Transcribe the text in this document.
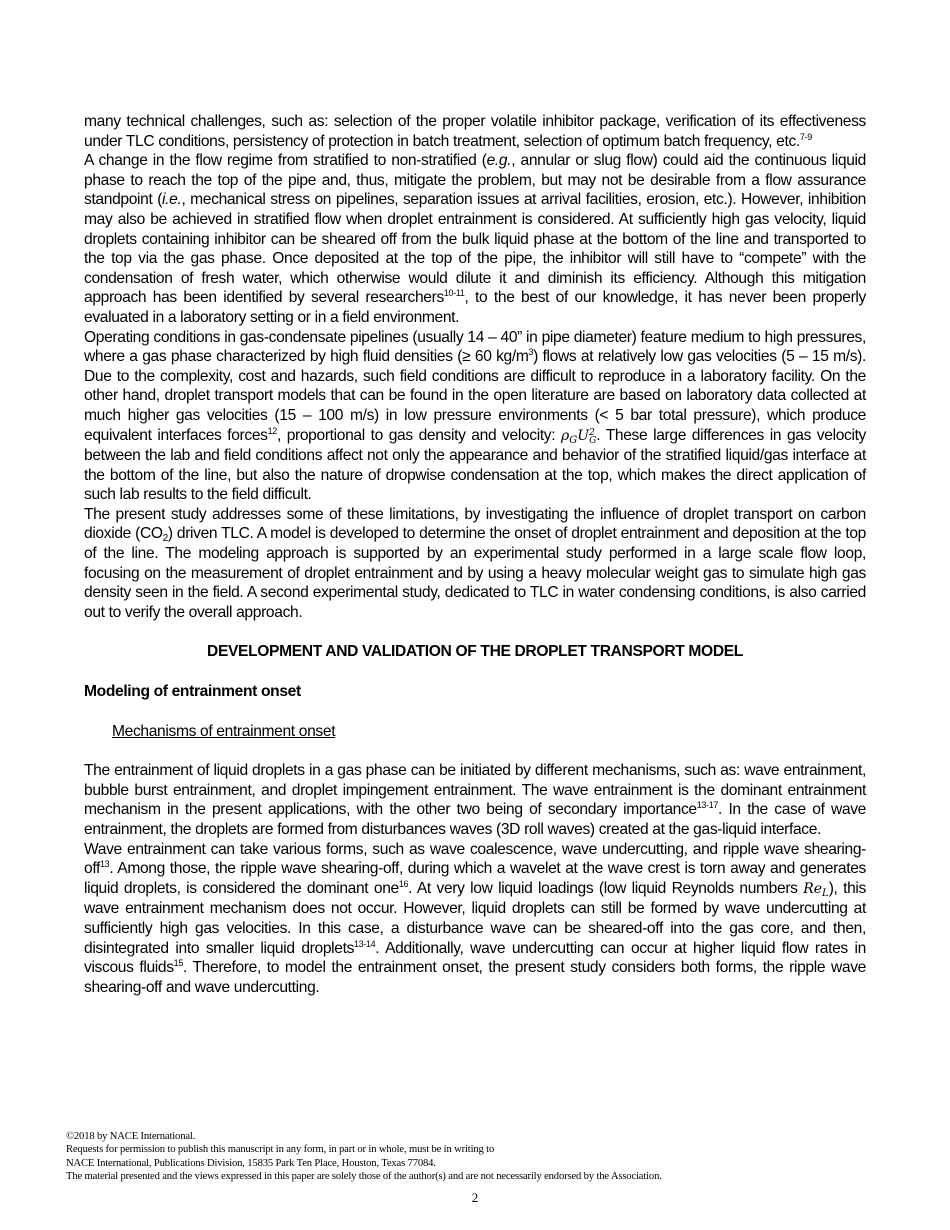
many technical challenges, such as: selection of the proper volatile inhibitor package, verification of its effectiveness under TLC conditions, persistency of protection in batch treatment, selection of optimum batch frequency, etc.$^{7-9}$

A change in the flow regime from stratified to non-stratified (e.g., annular or slug flow) could aid the continuous liquid phase to reach the top of the pipe and, thus, mitigate the problem, but may not be desirable from a flow assurance standpoint (i.e., mechanical stress on pipelines, separation issues at arrival facilities, erosion, etc.). However, inhibition may also be achieved in stratified flow when droplet entrainment is considered. At sufficiently high gas velocity, liquid droplets containing inhibitor can be sheared off from the bulk liquid phase at the bottom of the line and transported to the top via the gas phase. Once deposited at the top of the pipe, the inhibitor will still have to “compete” with the condensation of fresh water, which otherwise would dilute it and diminish its efficiency. Although this mitigation approach has been identified by several researchers$^{10-11}$, to the best of our knowledge, it has never been properly evaluated in a laboratory setting or in a field environment.

Operating conditions in gas-condensate pipelines (usually 14 – 40” in pipe diameter) feature medium to high pressures, where a gas phase characterized by high fluid densities (≥ 60 $kg/m^3$) flows at relatively low gas velocities (5 – 15 m/s). Due to the complexity, cost and hazards, such field conditions are difficult to reproduce in a laboratory facility. On the other hand, droplet transport models that can be found in the open literature are based on laboratory data collected at much higher gas velocities (15 – 100 m/s) in low pressure environments (< 5 bar total pressure), which produce equivalent interfaces forces$^{12}$, proportional to gas density and velocity: $\rho_GU$ 2
G . These large differences in gas velocity between the lab and field conditions affect not only the appearance and behavior of the stratified liquid/gas interface at the bottom of the line, but also the nature of dropwise condensation at the top, which makes the direct application of such lab results to the field difficult.

The present study addresses some of these limitations, by investigating the influence of droplet transport on carbon dioxide $(CO_2)$ driven TLC. A model is developed to determine the onset of droplet entrainment and deposition at the top of the line. The modeling approach is supported by an experimental study performed in a large scale flow loop, focusing on the measurement of droplet entrainment and by using a heavy molecular weight gas to simulate high gas density seen in the field. A second experimental study, dedicated to TLC in water condensing conditions, is also carried out to verify the overall approach.

DEVELOPMENT AND VALIDATION OF THE DROPLET TRANSPORT MODEL
Modeling of entrainment onset
Mechanisms of entrainment onset

The entrainment of liquid droplets in a gas phase can be initiated by different mechanisms, such as: wave entrainment, bubble burst entrainment, and droplet impingement entrainment. The wave entrainment is the dominant entrainment mechanism in the present applications, with the other two being of secondary importance$^{13-17}$. In the case of wave entrainment, the droplets are formed from disturbances waves (3D roll waves) created at the gas-liquid interface.

Wave entrainment can take various forms, such as wave coalescence, wave undercutting, and ripple wave shearing-off$^{13}$. Among those, the ripple wave shearing-off, during which a wavelet at the wave crest is torn away and generates liquid droplets, is considered the dominant one$^{16}$. At very low liquid loadings (low liquid Reynolds numbers $Re_L$), this wave entrainment mechanism does not occur. However, liquid droplets can still be formed by wave undercutting at sufficiently high gas velocities. In this case, a disturbance wave can be sheared-off into the gas core, and then, disintegrated into smaller liquid droplets$^{13-14}$. Additionally, wave undercutting can occur at higher liquid flow rates in viscous fluids$^{15}$. Therefore, to model the entrainment onset, the present study considers both forms, the ripple wave shearing-off and wave undercutting.

©2018 by NACE International.
Requests for permission to publish this manuscript in any form, in part or in whole, must be in writing to
NACE International, Publications Division, 15835 Park Ten Place, Houston, Texas 77084.
The material presented and the views expressed in this paper are solely those of the author(s) and are not necessarily endorsed by the Association.
2
